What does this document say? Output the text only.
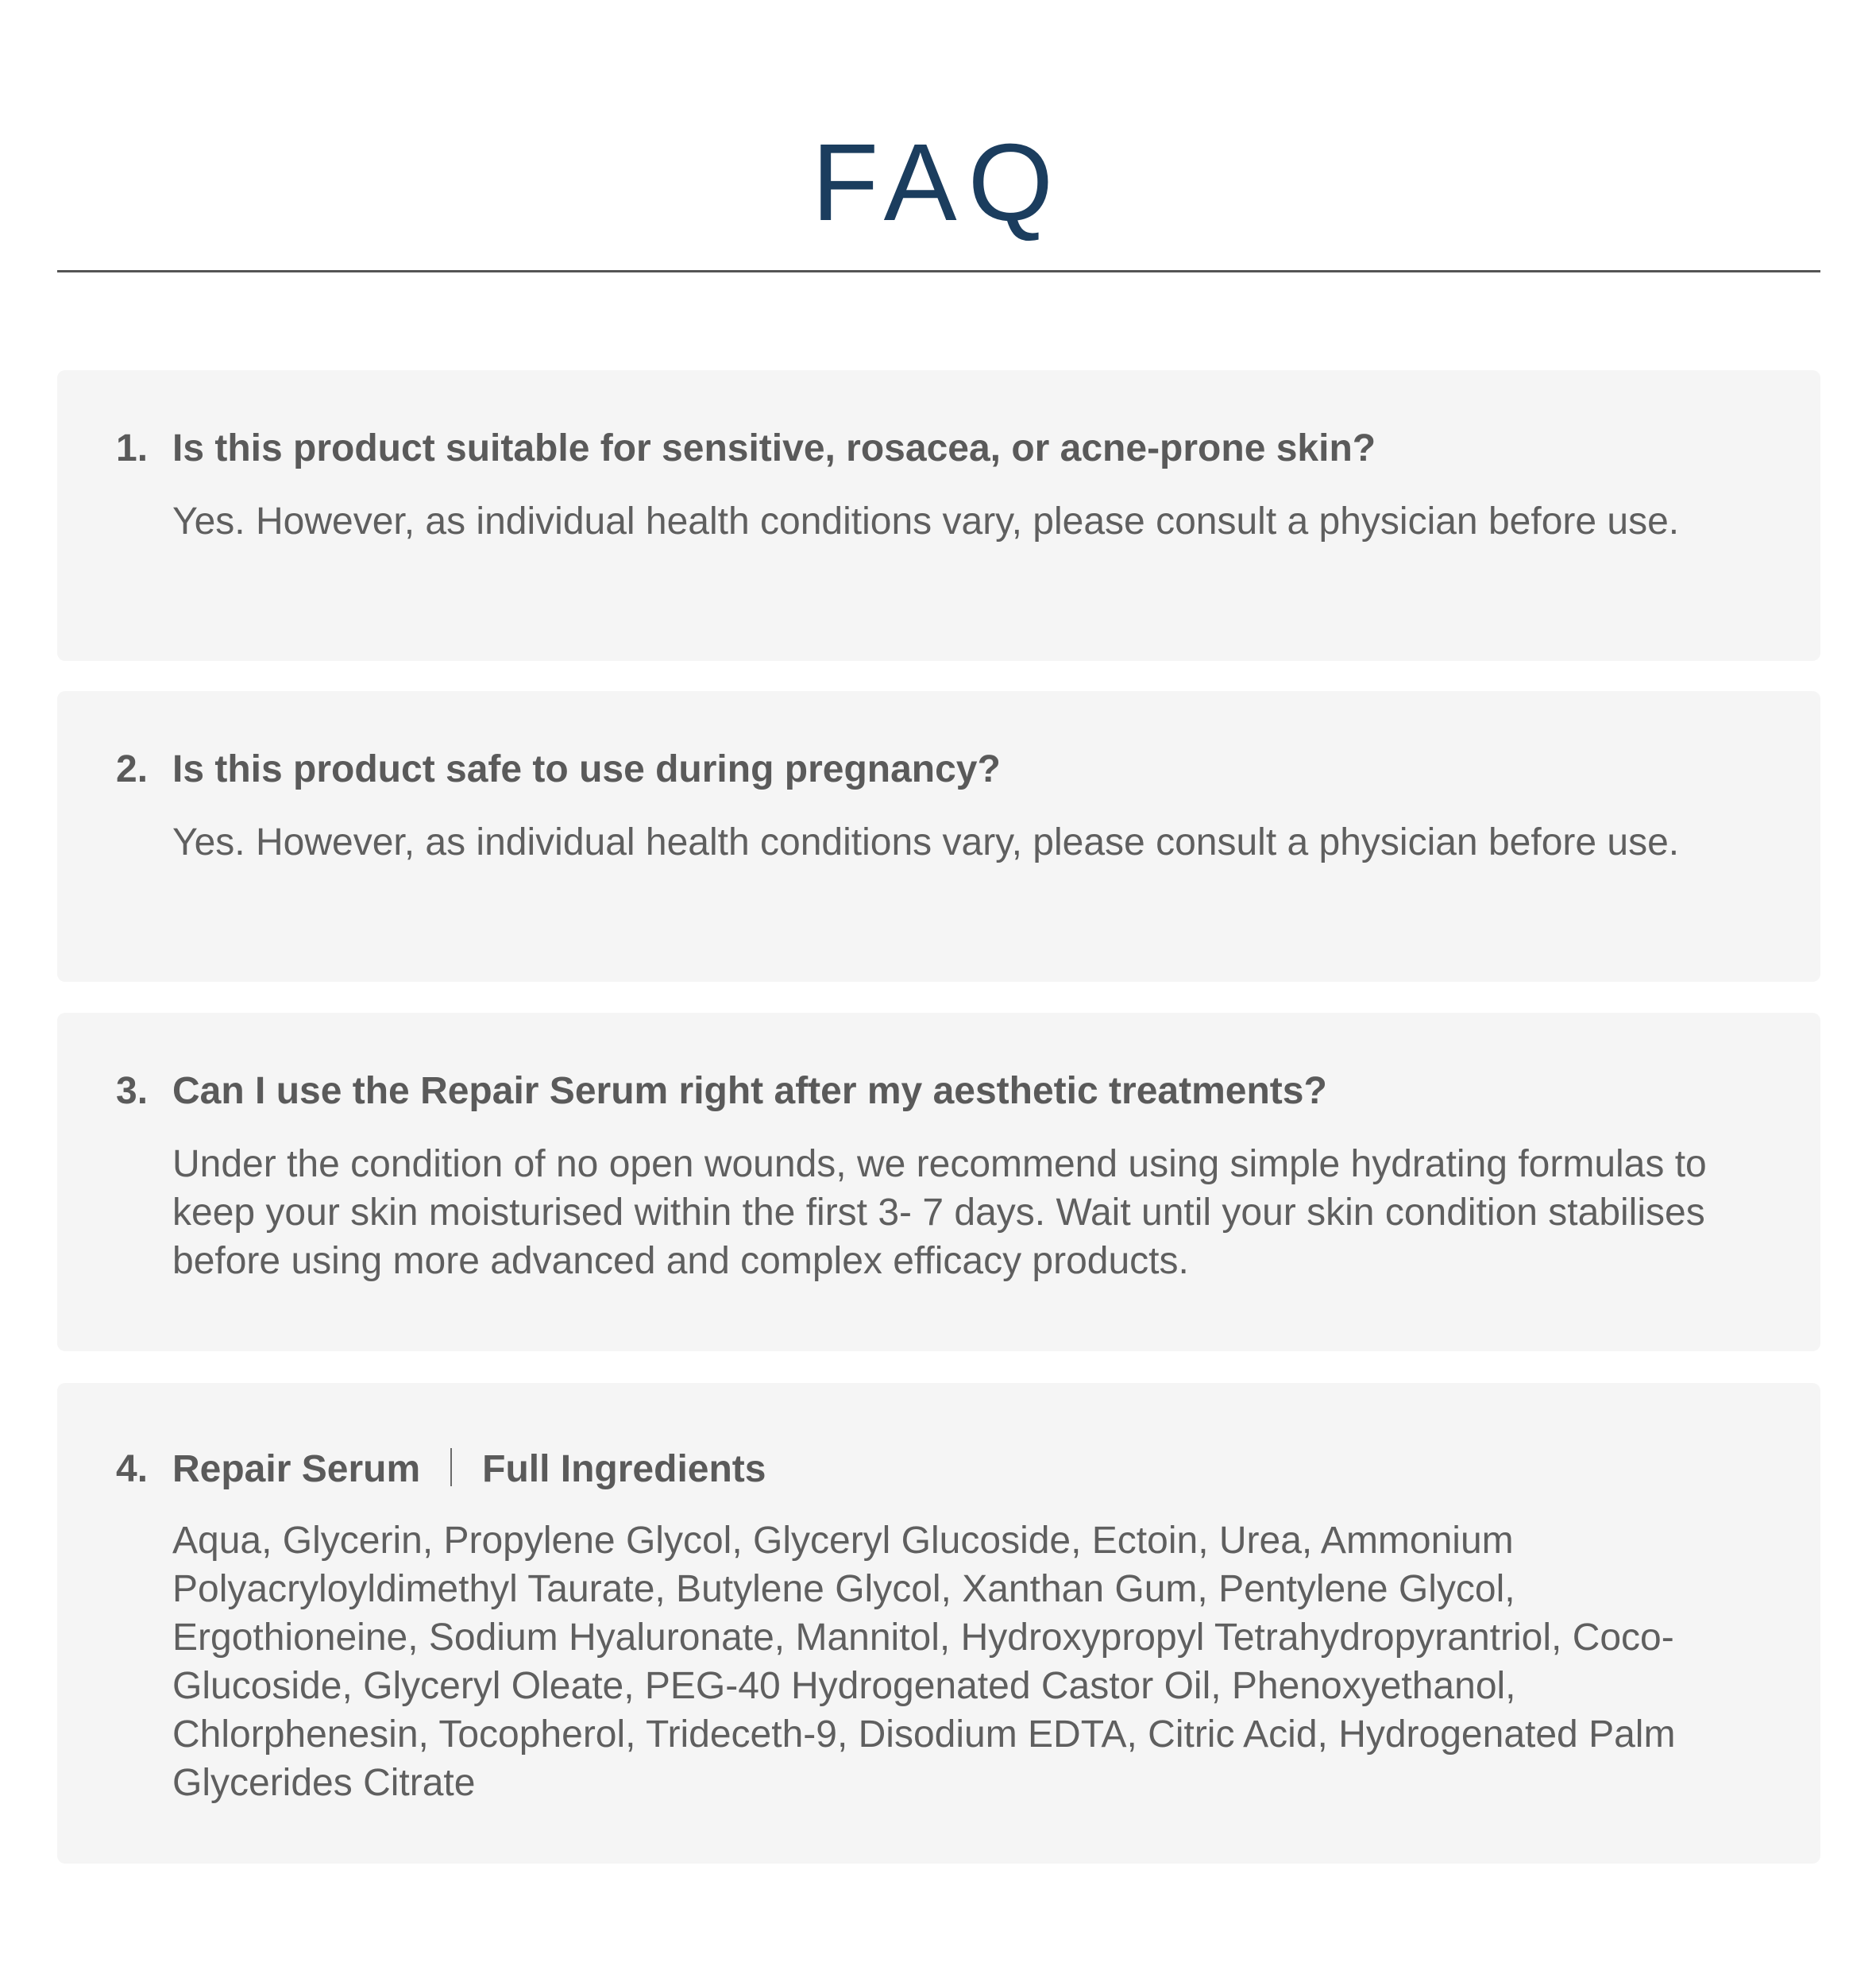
FAQ
1. Is this product suitable for sensitive, rosacea, or acne-prone skin?

Yes. However, as individual health conditions vary, please consult a physician before use.

2. Is this product safe to use during pregnancy?

Yes. However, as individual health conditions vary, please consult a physician before use.

3. Can I use the Repair Serum right after my aesthetic treatments?

Under the condition of no open wounds, we recommend using simple hydrating formulas to keep your skin moisturised within the first 3- 7 days. Wait until your skin condition stabilises before using more advanced and complex efficacy products.

4. Repair Serum Full Ingredients

Aqua, Glycerin, Propylene Glycol, Glyceryl Glucoside, Ectoin, Urea, Ammonium Polyacryloyldimethyl Taurate, Butylene Glycol, Xanthan Gum, Pentylene Glycol, Ergothioneine, Sodium Hyaluronate, Mannitol, Hydroxypropyl Tetrahydropyrantriol, Coco-Glucoside, Glyceryl Oleate, PEG-40 Hydrogenated Castor Oil, Phenoxyethanol, Chlorphenesin, Tocopherol, Trideceth-9, Disodium EDTA, Citric Acid, Hydrogenated Palm Glycerides Citrate
